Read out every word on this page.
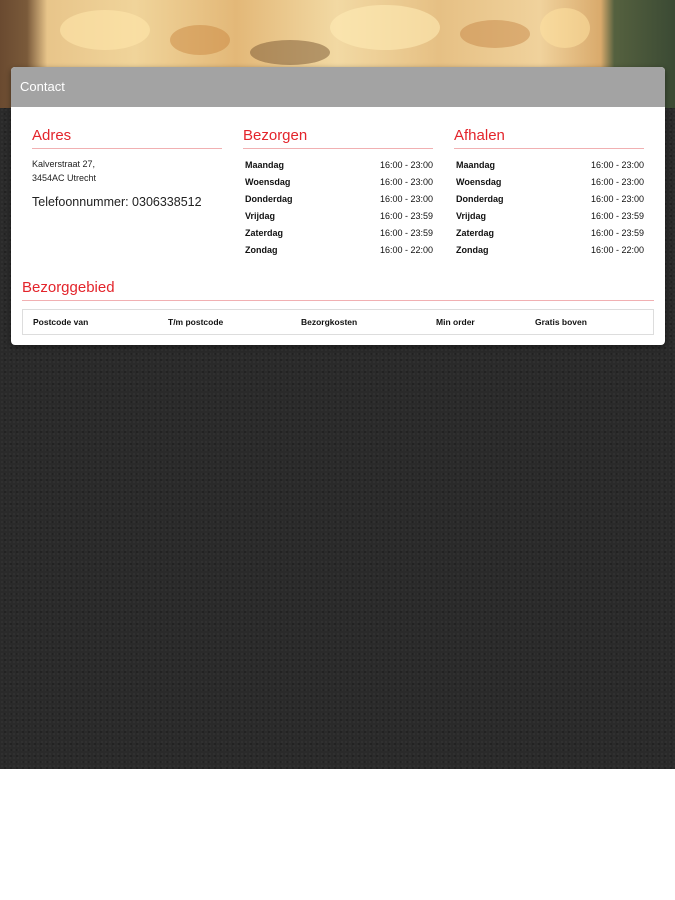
Contact
Adres
Kalverstraat 27,
3454AC Utrecht
Telefoonnummer: 0306338512
Bezorgen
Maandag	16:00 - 23:00
Woensdag	16:00 - 23:00
Donderdag	16:00 - 23:00
Vrijdag	16:00 - 23:59
Zaterdag	16:00 - 23:59
Zondag	16:00 - 22:00
Afhalen
Maandag	16:00 - 23:00
Woensdag	16:00 - 23:00
Donderdag	16:00 - 23:00
Vrijdag	16:00 - 23:59
Zaterdag	16:00 - 23:59
Zondag	16:00 - 22:00
Bezorggebied
Postcode van	T/m postcode	Bezorgkosten	Min order	Gratis boven
